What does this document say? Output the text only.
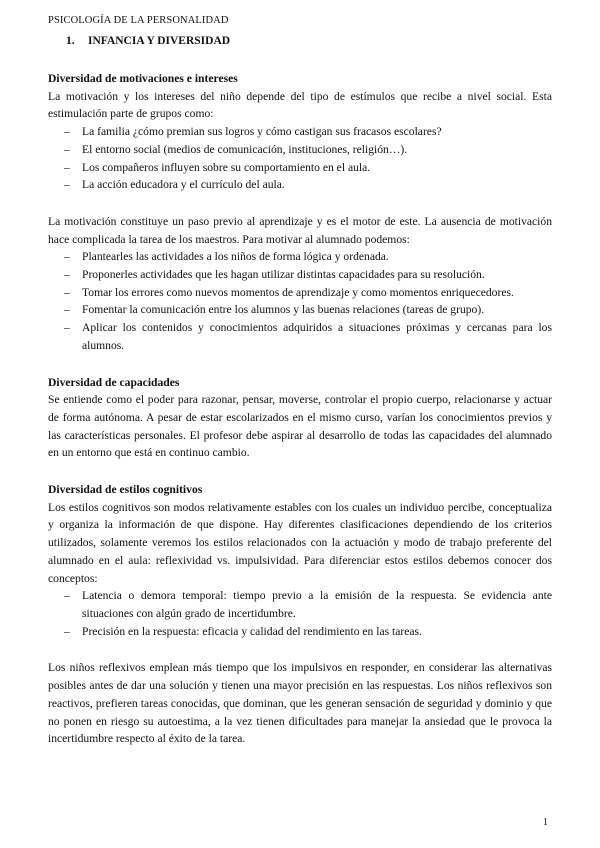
PSICOLOGÍA DE LA PERSONALIDAD
1. INFANCIA Y DIVERSIDAD
Diversidad de motivaciones e intereses

La motivación y los intereses del niño depende del tipo de estímulos que recibe a nivel social. Esta estimulación parte de grupos como:

– La familia ¿cómo premian sus logros y cómo castigan sus fracasos escolares?
– El entorno social (medios de comunicación, instituciones, religión…).
– Los compañeros influyen sobre su comportamiento en el aula.
– La acción educadora y el currículo del aula.

La motivación constituye un paso previo al aprendizaje y es el motor de este. La ausencia de motivación hace complicada la tarea de los maestros. Para motivar al alumnado podemos:

– Plantearles las actividades a los niños de forma lógica y ordenada.
– Proponerles actividades que les hagan utilizar distintas capacidades para su resolución.
– Tomar los errores como nuevos momentos de aprendizaje y como momentos enriquecedores.
– Fomentar la comunicación entre los alumnos y las buenas relaciones (tareas de grupo).
– Aplicar los contenidos y conocimientos adquiridos a situaciones próximas y cercanas para los alumnos.
Diversidad de capacidades

Se entiende como el poder para razonar, pensar, moverse, controlar el propio cuerpo, relacionarse y actuar de forma autónoma. A pesar de estar escolarizados en el mismo curso, varían los conocimientos previos y las características personales. El profesor debe aspirar al desarrollo de todas las capacidades del alumnado en un entorno que está en continuo cambio.

Diversidad de estilos cognitivos

Los estilos cognitivos son modos relativamente estables con los cuales un individuo percibe, conceptualiza y organiza la información de que dispone. Hay diferentes clasificaciones dependiendo de los criterios utilizados, solamente veremos los estilos relacionados con la actuación y modo de trabajo preferente del alumnado en el aula: reflexividad vs. impulsividad. Para diferenciar estos estilos debemos conocer dos conceptos:

– Latencia o demora temporal: tiempo previo a la emisión de la respuesta. Se evidencia ante situaciones con algún grado de incertidumbre.
– Precisión en la respuesta: eficacia y calidad del rendimiento en las tareas.

Los niños reflexivos emplean más tiempo que los impulsivos en responder, en considerar las alternativas posibles antes de dar una solución y tienen una mayor precisión en las respuestas. Los niños reflexivos son reactivos, prefieren tareas conocidas, que dominan, que les generan sensación de seguridad y dominio y que no ponen en riesgo su autoestima, a la vez tienen dificultades para manejar la ansiedad que le provoca la incertidumbre respecto al éxito de la tarea.

1
